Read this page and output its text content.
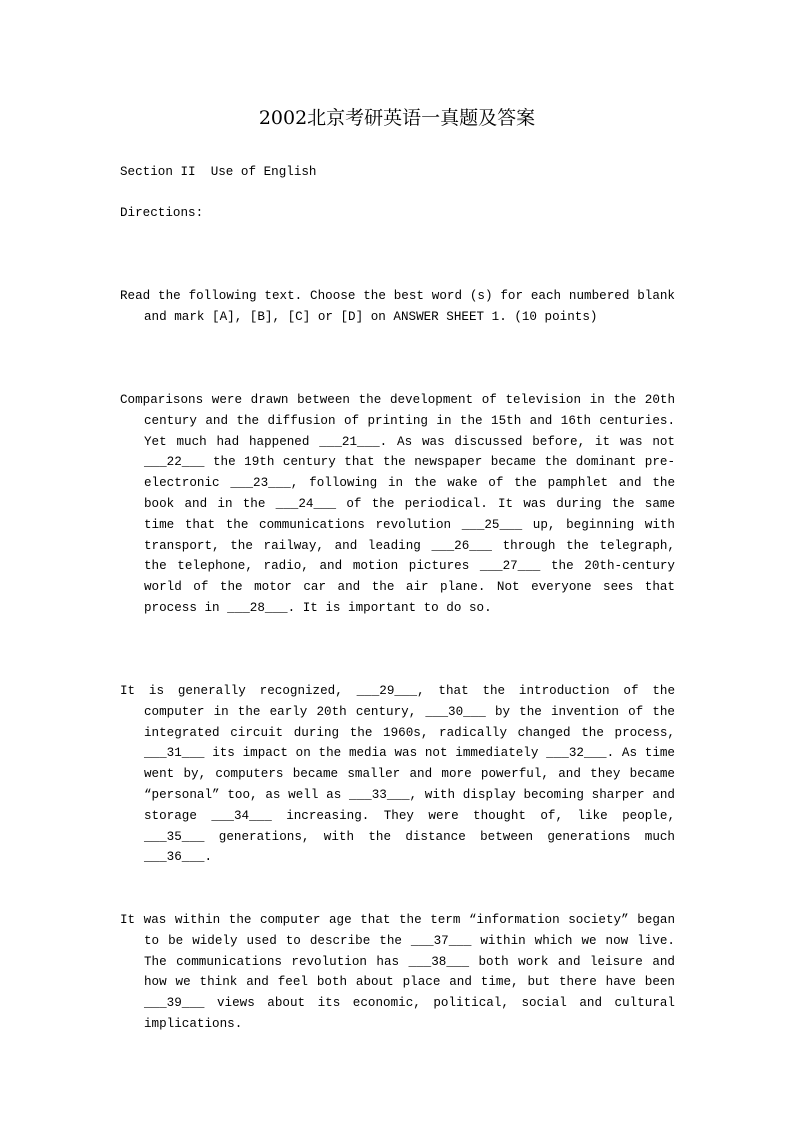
2002北京考研英语一真题及答案
Section II  Use of English
Directions:
Read the following text. Choose the best word (s) for each numbered blank and mark [A], [B], [C] or [D] on ANSWER SHEET 1. (10 points)
Comparisons were drawn between the development of television in the 20th century and the diffusion of printing in the 15th and 16th centuries. Yet much had happened ___21___. As was discussed before, it was not ___22___ the 19th century that the newspaper became the dominant pre-electronic ___23___, following in the wake of the pamphlet and the book and in the ___24___ of the periodical. It was during the same time that the communications revolution ___25___ up, beginning with transport, the railway, and leading ___26___ through the telegraph, the telephone, radio, and motion pictures ___27___ the 20th-century world of the motor car and the air plane. Not everyone sees that process in ___28___. It is important to do so.
It is generally recognized, ___29___, that the introduction of the computer in the early 20th century, ___30___ by the invention of the integrated circuit during the 1960s, radically changed the process, ___31___ its impact on the media was not immediately ___32___. As time went by, computers became smaller and more powerful, and they became “personal” too, as well as ___33___, with display becoming sharper and storage ___34___ increasing. They were thought of, like people, ___35___ generations, with the distance between generations much ___36___.
It was within the computer age that the term “information society” began to be widely used to describe the ___37___ within which we now live. The communications revolution has ___38___ both work and leisure and how we think and feel both about place and time, but there have been ___39___ views about its economic, political, social and cultural implications.
